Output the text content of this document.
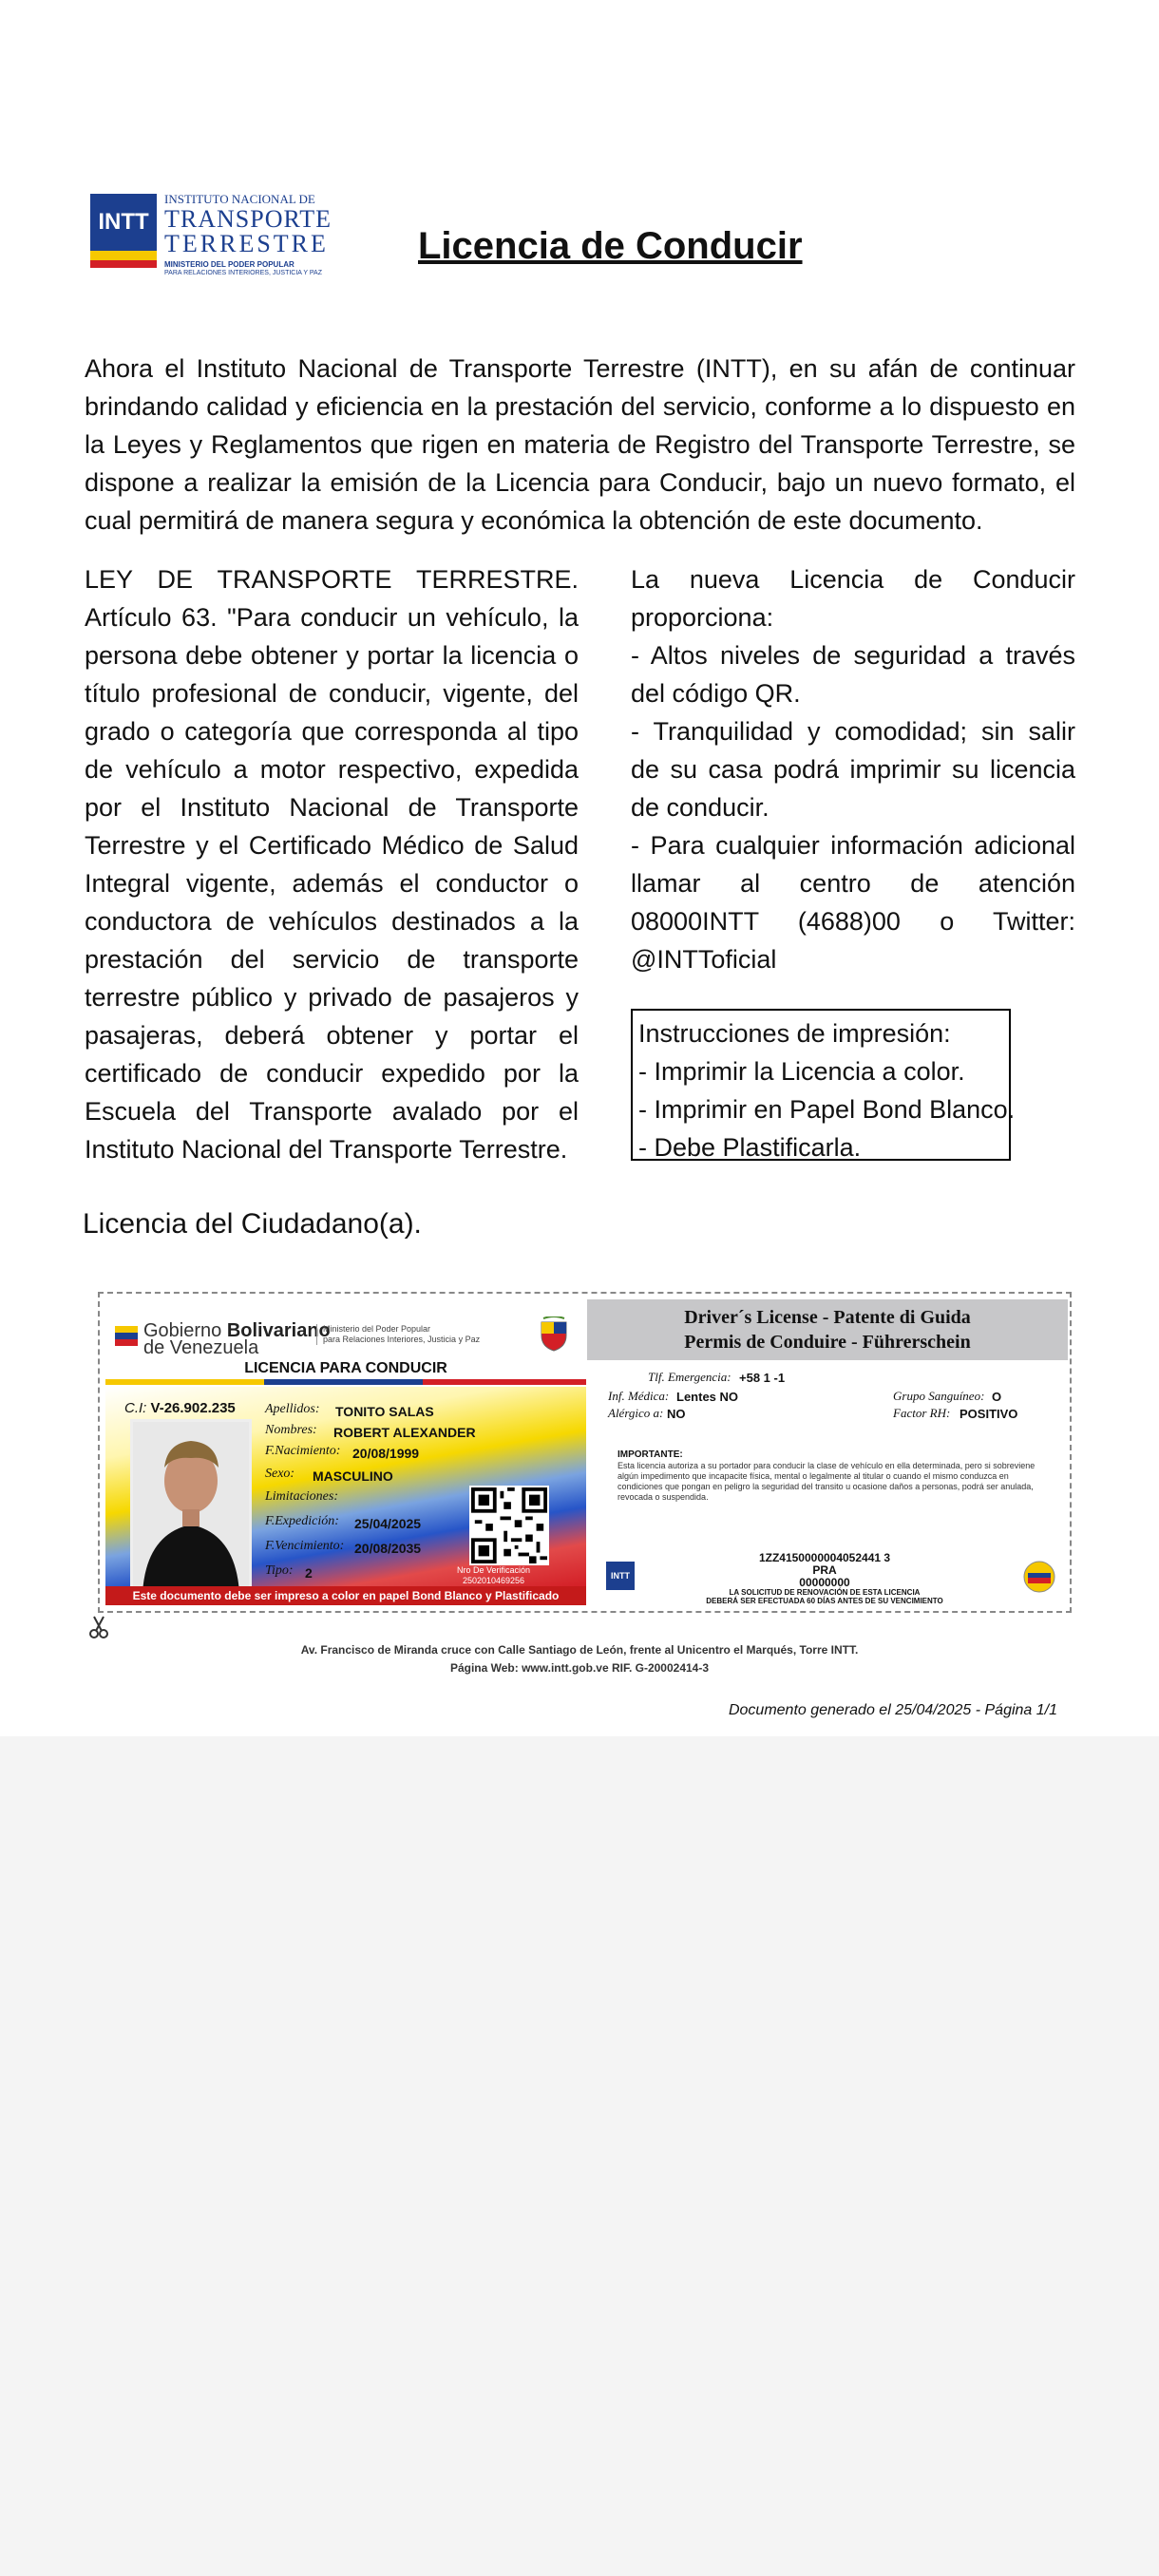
INTT
INSTITUTO NACIONAL DE
TRANSPORTE
TERRESTRE
MINISTERIO DEL PODER POPULAR
PARA RELACIONES INTERIORES, JUSTICIA Y PAZ
Licencia de Conducir
Ahora el Instituto Nacional de Transporte Terrestre (INTT), en su afán de continuar brindando calidad y eficiencia en la prestación del servicio, conforme a lo dispuesto en la Leyes y Reglamentos que rigen en materia de Registro del Transporte Terrestre, se dispone a realizar la emisión de la Licencia para Conducir, bajo un nuevo formato, el cual permitirá de manera segura y económica la obtención de este documento.
LEY DE TRANSPORTE TERRESTRE. Artículo 63. "Para conducir un vehículo, la persona debe obtener y portar la licencia o título profesional de conducir, vigente, del grado o categoría que corresponda al tipo de vehículo a motor respectivo, expedida por el Instituto Nacional de Transporte Terrestre y el Certificado Médico de Salud Integral vigente, además el conductor o conductora de vehículos destinados a la prestación del servicio de transporte terrestre público y privado de pasajeros y pasajeras, deberá obtener y portar el certificado de conducir expedido por la Escuela del Transporte avalado por el Instituto Nacional del Transporte Terrestre.
La nueva Licencia de Conducir proporciona:
- Altos niveles de seguridad a través del código QR.
- Tranquilidad y comodidad; sin salir de su casa podrá imprimir su licencia de conducir.
- Para cualquier información adicional llamar al centro de atención 08000INTT (4688)00 o Twitter: @INTToficial
Instrucciones de impresión:
- Imprimir la Licencia a color.
- Imprimir en Papel Bond Blanco.
- Debe Plastificarla.
Licencia del Ciudadano(a).
Gobierno Bolivariano
de Venezuela
Ministerio del Poder Popular
para Relaciones Interiores, Justicia y Paz
LICENCIA PARA CONDUCIR
C.I: V-26.902.235 Apellidos: TONITO SALAS
Nombres: ROBERT ALEXANDER
F.Nacimiento: 20/08/1999
Sexo: MASCULINO
Limitaciones:
F.Expedición: 25/04/2025
F.Vencimiento: 20/08/2035
Tipo: 2	Nro De Verificación
2502010469256
Este documento debe ser impreso a color en papel Bond Blanco y Plastificado
Driver´s License - Patente di Guida
Permis de Conduire - Führerschein
Tlf. Emergencia: +58 1 -1
Inf. Médica: Lentes NO
Alérgico a: NO
Grupo Sanguíneo: O
Factor RH: POSITIVO
IMPORTANTE:
Esta licencia autoriza a su portador para conducir la clase de vehículo en ella determinada, pero si sobreviene algún impedimento que incapacite física, mental o legalmente al titular o cuando el mismo conduzca en condiciones que pongan en peligro la seguridad del transito u ocasione daños a personas, podrá ser anulada, revocada o suspendida.
INTT
1ZZ4150000004052441 3
PRA
00000000
LA SOLICITUD DE RENOVACIÓN DE ESTA LICENCIA
DEBERÁ SER EFECTUADA 60 DÍAS ANTES DE SU VENCIMIENTO
Av. Francisco de Miranda cruce con Calle Santiago de León, frente al Unicentro el Marqués, Torre INTT.
Página Web: www.intt.gob.ve RIF. G-20002414-3
Documento generado el 25/04/2025 - Página 1/1
